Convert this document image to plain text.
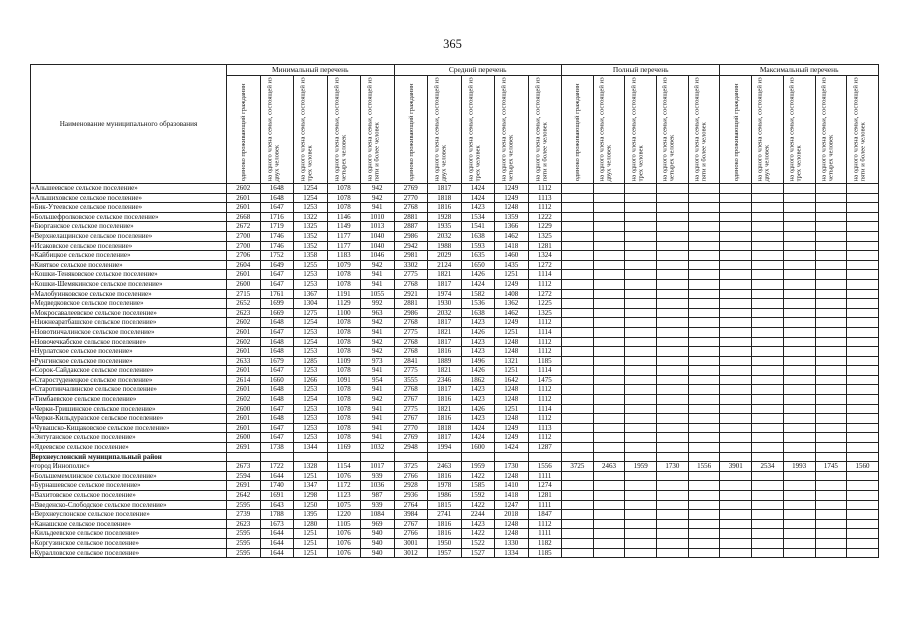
365
Наименование муниципального образования	Минимальный перечень					Средний перечень					Полный перечень					Максимальный перечень				

	одиноко проживающий гражданин	на одного члена семьи, состоящей из двух человек	на одного члена семьи, состоящей из трех человек	на одного члена семьи, состоящей из четырех человек	на одного члена семьи, состоящей из пяти и более человек	одиноко проживающий гражданин	на одного члена семьи, состоящей из двух человек	на одного члена семьи, состоящей из трех человек	на одного члена семьи, состоящей из четырех человек	на одного члена семьи, состоящей из пяти и более человек	одиноко проживающий гражданин	на одного члена семьи, состоящей из двух человек	на одного члена семьи, состоящей из трех человек	на одного члена семьи, состоящей из четырех человек	на одного члена семьи, состоящей из пяти и более человек	одиноко проживающий гражданин	на одного члена семьи, состоящей из двух человек	на одного члена семьи, состоящей из трех человек	на одного члена семьи, состоящей из четырех человек	на одного члена семьи, состоящей из пяти и более человек

«Альшеевское сельское поселение»	2602	1648	1254	1078	942	2769	1817	1424	1249	1112										
«Альшиховское сельское поселение»	2601	1648	1254	1078	942	2770	1818	1424	1249	1113										
«Бик-Утеевское сельское поселение»	2601	1647	1253	1078	941	2768	1816	1423	1248	1112										
«Большефролковское сельское поселение»	2668	1716	1322	1146	1010	2881	1928	1534	1359	1222										
«Бюрганское сельское поселение»	2672	1719	1325	1149	1013	2887	1935	1541	1366	1229										
«Верхнелащинское сельское поселение»	2700	1746	1352	1177	1040	2986	2032	1638	1462	1325										
«Исаковское сельское поселение»	2700	1746	1352	1177	1040	2942	1988	1593	1418	1281										
«Кайбицкое сельское поселение»	2706	1752	1358	1183	1046	2981	2029	1635	1460	1324										
«Кияткое сельское поселение»	2604	1649	1255	1079	942	3302	2124	1650	1435	1272										
«Кошки-Теняковское сельское поселение»	2601	1647	1253	1078	941	2775	1821	1426	1251	1114										
«Кошки-Шемякинское сельское поселение»	2600	1647	1253	1078	941	2768	1817	1424	1249	1112										
«Малобуинковское сельское поселение»	2715	1761	1367	1191	1055	2921	1974	1582	1408	1272										
«Медведковское сельское поселение»	2652	1699	1304	1129	992	2881	1930	1536	1362	1225										
«Мокросавалеевское сельское поселение»	2623	1669	1275	1100	963	2986	2032	1638	1462	1325										
«Нижнеаратбашское сельское поселение»	2602	1648	1254	1078	942	2768	1817	1423	1249	1112										
«Новотинчалинское сельское поселение»	2601	1647	1253	1078	941	2775	1821	1426	1251	1114										
«Новочечкабское сельское поселение»	2602	1648	1254	1078	942	2768	1817	1423	1248	1112										
«Нурлатское сельское поселение»	2601	1648	1253	1078	942	2768	1816	1423	1248	1112										
«Рунгинское сельское поселение»	2633	1679	1285	1109	973	2841	1889	1496	1321	1185										
«Сорок-Сайдакское сельское поселение»	2601	1647	1253	1078	941	2775	1821	1426	1251	1114										
«Старостуденецкое сельское поселение»	2614	1660	1266	1091	954	3555	2346	1862	1642	1475										
«Старотинчалинское сельское поселение»	2601	1648	1253	1078	941	2768	1817	1423	1248	1112										
«Тимбаевское сельское поселение»	2602	1648	1254	1078	942	2767	1816	1423	1248	1112										
«Черки-Гришинское сельское поселение»	2600	1647	1253	1078	941	2775	1821	1426	1251	1114										
«Черки-Кильдуразское сельское поселение»	2601	1648	1253	1078	941	2767	1816	1423	1248	1112										
«Чувашско-Кищаковское сельское поселение»	2601	1647	1253	1078	941	2770	1818	1424	1249	1113										
«Энтуганское сельское поселение»	2600	1647	1253	1078	941	2769	1817	1424	1249	1112										
«Ядеевское сельское поселение»	2691	1738	1344	1169	1032	2948	1994	1600	1424	1287										
Верхнеуслонский муниципальный район																				
«город Иннополис»	2673	1722	1328	1154	1017	3725	2463	1959	1730	1556	3725	2463	1959	1730	1556	3901	2534	1993	1745	1560
«Большемемлинское сельское поселение»	2594	1644	1251	1076	939	2766	1816	1422	1248	1111										
«Бурнашевское сельское поселение»	2691	1740	1347	1172	1036	2928	1978	1585	1410	1274										
«Вахитовское сельское поселение»	2642	1691	1298	1123	987	2936	1986	1592	1418	1281										
«Введенско-Слободское сельское поселение»	2595	1643	1250	1075	939	2764	1815	1422	1247	1111										
«Верхнеуслонское сельское поселение»	2739	1788	1395	1220	1084	3984	2741	2244	2018	1847										
«Канашское сельское поселение»	2623	1673	1280	1105	969	2767	1816	1423	1248	1112										
«Кильдеевское сельское поселение»	2595	1644	1251	1076	940	2766	1816	1422	1248	1111										
«Коргузинское сельское поселение»	2595	1644	1251	1076	940	3001	1950	1522	1330	1182										
«Куралловское сельское поселение»	2595	1644	1251	1076	940	3012	1957	1527	1334	1185										
